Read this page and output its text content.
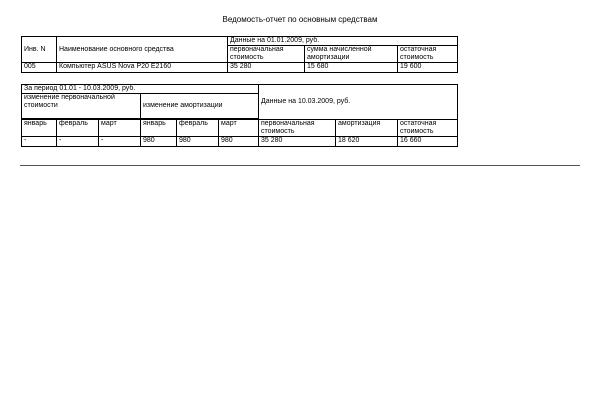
Ведомость-отчет по основным средствам
Инв. N	Наименование основного средства	Данные на 01.01.2009, руб.		
		первоначальная стоимость	сумма начисленной амортизации	остаточная стоимость
005	Компьютер ASUS Nova P20 E2160	35 280	15 680	19 600
За период 01.01 - 10.03.2009, руб.						Данные на 10.03.2009, руб.		
изменение первоначальной стоимости			изменение амортизации					

январь	февраль	март	январь	февраль	март	первоначальная стоимость	амортизация	остаточная стоимость
-	-	-	980	980	980	35 280	18 620	16 660
